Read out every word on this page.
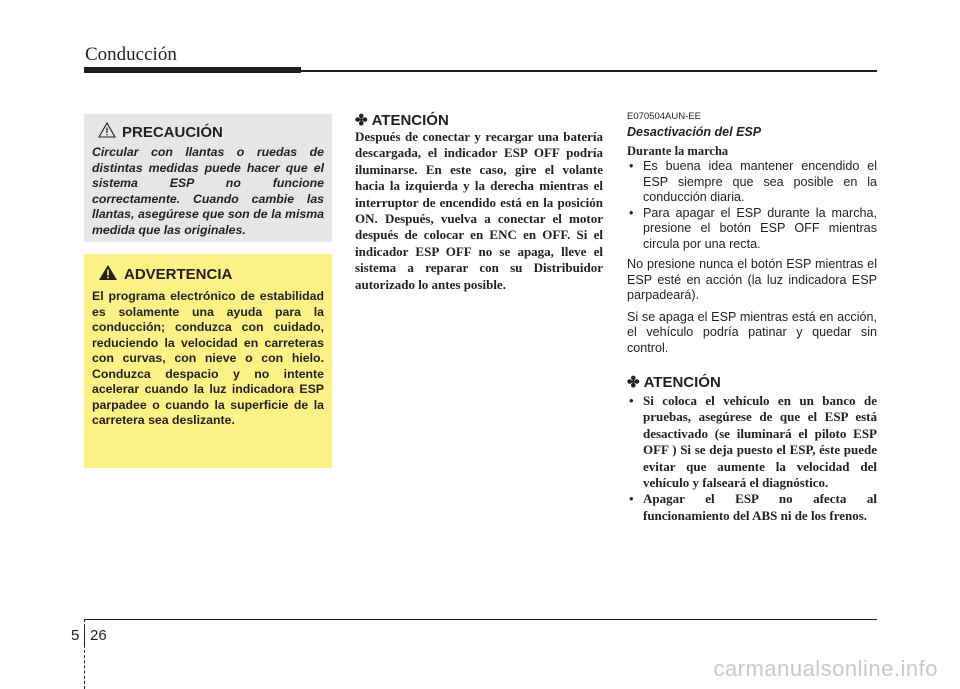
Conducción
PRECAUCIÓN
Circular con llantas o ruedas de distintas medidas puede hacer que el sistema ESP no funcione correctamente. Cuando cambie las llantas, asegúrese que son de la misma medida que las originales.
ADVERTENCIA
El programa electrónico de estabilidad es solamente una ayuda para la conducción; conduzca con cuidado, reduciendo la velocidad en carreteras con curvas, con nieve o con hielo. Conduzca despacio y no intente acelerar cuando la luz indicadora ESP parpadee o cuando la superficie de la carretera sea deslizante.
✤ ATENCIÓN
Después de conectar y recargar una batería descargada, el indicador ESP OFF podría iluminarse. En este caso, gire el volante hacia la izquierda y la derecha mientras el interruptor de encendido está en la posición ON. Después, vuelva a conectar el motor después de colocar en ENC en OFF. Si el indicador ESP OFF no se apaga, lleve el sistema a reparar con su Distribuidor autorizado lo antes posible.
E070504AUN-EE
Desactivación del ESP
Durante la marcha
• Es buena idea mantener encendido el ESP siempre que sea posible en la conducción diaria.
• Para apagar el ESP durante la marcha, presione el botón ESP OFF mientras circula por una recta.

No presione nunca el botón ESP mientras el ESP esté en acción (la luz indicadora ESP parpadeará).

Si se apaga el ESP mientras está en acción, el vehículo podría patinar y quedar sin control.

✤ ATENCIÓN
• Si coloca el vehículo en un banco de pruebas, asegúrese de que el ESP está desactivado (se iluminará el piloto ESP OFF ) Si se deja puesto el ESP, éste puede evitar que aumente la velocidad del vehículo y falseará el diagnóstico.
• Apagar el ESP no afecta al funcionamiento del ABS ni de los frenos.
5 26
carmanualsonline.info
